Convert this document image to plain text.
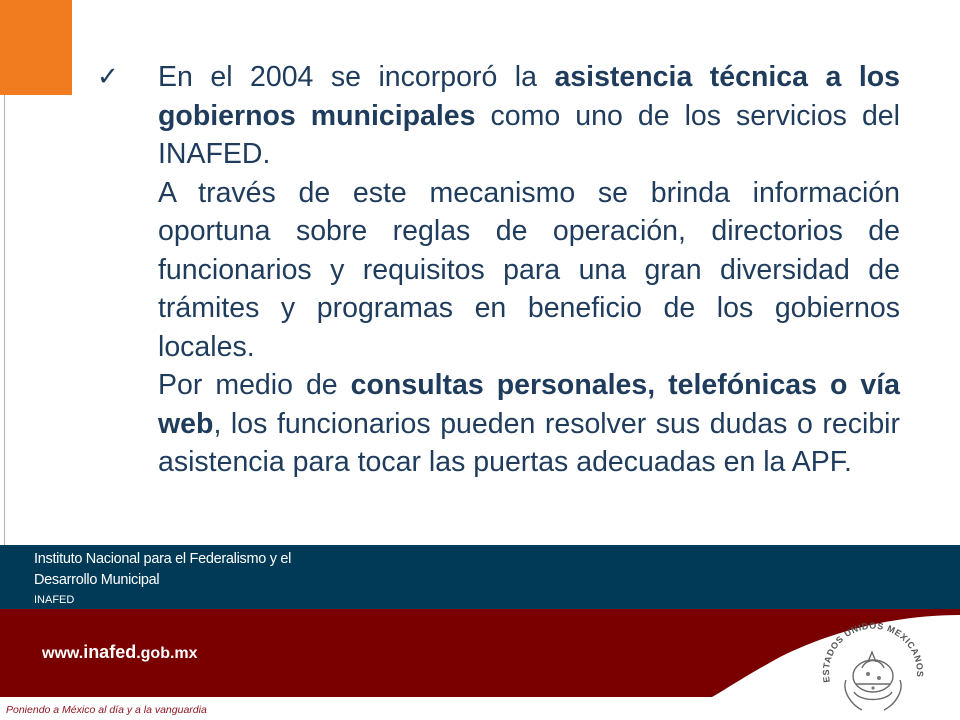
✓ En el 2004 se incorporó la asistencia técnica a los gobiernos municipales como uno de los servicios del INAFED.

A través de este mecanismo se brinda información oportuna sobre reglas de operación, directorios de funcionarios y requisitos para una gran diversidad de trámites y programas en beneficio de los gobiernos locales.

Por medio de consultas personales, telefónicas o vía web, los funcionarios pueden resolver sus dudas o recibir asistencia para tocar las puertas adecuadas en la APF.

Instituto Nacional para el Federalismo y el
Desarrollo Municipal
INAFED
www.inafed.gob.mx
Poniendo a México al día y a la vanguardia
ESTADOS UNIDOS MEXICANOS
